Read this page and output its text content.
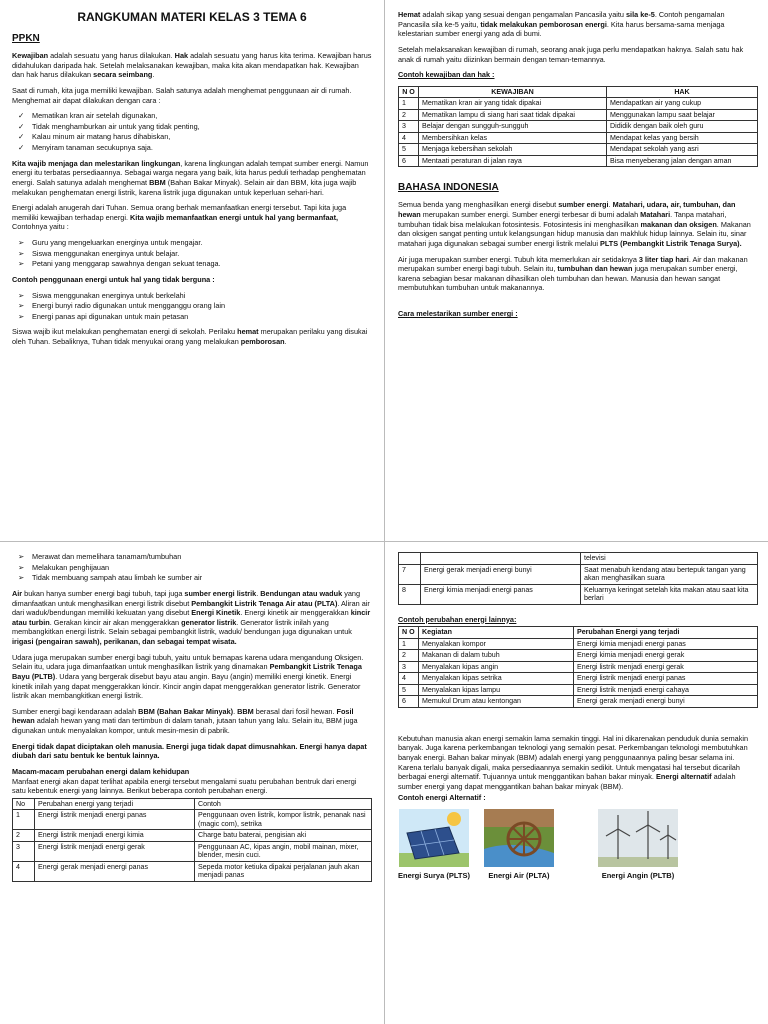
RANGKUMAN MATERI KELAS 3 TEMA 6
PPKN

Kewajiban adalah sesuatu yang harus dilakukan. Hak adalah sesuatu yang harus kita terima. Kewajiban harus didahulukan daripada hak. Setelah melaksanakan kewajiban, maka kita akan mendapatkan hak. Kewajiban dan hak harus dilakukan secara seimbang.

Saat di rumah, kita juga memiliki kewajiban. Salah satunya adalah menghemat penggunaan air di rumah. Menghemat air dapat dilakukan dengan cara :

✓ Mematikan kran air setelah digunakan,
✓ Tidak menghamburkan air untuk yang tidak penting,
✓ Kalau minum air matang harus dihabiskan,
✓ Menyiram tanaman secukupnya saja.

Kita wajib menjaga dan melestarikan lingkungan, karena lingkungan adalah tempat sumber energi. Namun energi itu terbatas persediaannya. Sebagai warga negara yang baik, kita harus peduli terhadap penghematan energi. Salah satunya adalah menghemat BBM (Bahan Bakar Minyak). Selain air dan BBM, kita juga wajib melakukan penghematan energi listrik, karena listrik juga digunakan untuk keperluan sehari-hari.

Energi adalah anugerah dari Tuhan. Semua orang berhak memanfaatkan energi tersebut. Tapi kita juga memiliki kewajiban terhadap energi. Kita wajib memanfaatkan energi untuk hal yang bermanfaat, Contohnya yaitu :

➢ Guru yang mengeluarkan energinya untuk mengajar.
➢ Siswa menggunakan energinya untuk belajar.
➢ Petani yang menggarap sawahnya dengan sekuat tenaga.

Contoh penggunaan energi untuk hal yang tidak berguna :

➢ Siswa menggunakan energinya untuk berkelahi
➢ Energi bunyi radio digunakan untuk mengganggu orang lain
➢ Energi panas api digunakan untuk main petasan

Siswa wajib ikut melakukan penghematan energi di sekolah. Perilaku hemat merupakan perilaku yang disukai oleh Tuhan. Sebaliknya, Tuhan tidak menyukai orang yang melakukan pemborosan.

Hemat adalah sikap yang sesuai dengan pengamalan Pancasila yaitu sila ke-5. Contoh pengamalan Pancasila sila ke-5 yaitu, tidak melakukan pemborosan energi. Kita harus bersama-sama menjaga kelestarian sumber energi yang ada di bumi.

Setelah melaksanakan kewajiban di rumah, seorang anak juga perlu mendapatkan haknya. Salah satu hak anak di rumah yaitu diizinkan bermain dengan teman-temannya.

Contoh kewajiban dan hak :

N O	KEWAJIBAN	HAK
1	Mematikan kran air yang tidak dipakai	Mendapatkan air yang cukup
2	Mematikan lampu di siang hari saat tidak dipakai	Menggunakan lampu saat belajar
3	Belajar dengan sungguh-sungguh	Dididik dengan baik oleh guru
4	Membersihkan kelas	Mendapat kelas yang bersih
5	Menjaga kebersihan sekolah	Mendapat sekolah yang asri
6	Mentaati peraturan di jalan raya	Bisa menyeberang jalan dengan aman
BAHASA INDONESIA

Semua benda yang menghasilkan energi disebut sumber energi. Matahari, udara, air, tumbuhan, dan hewan merupakan sumber energi. Sumber energi terbesar di bumi adalah Matahari. Tanpa matahari, tumbuhan tidak bisa melakukan fotosintesis. Fotosintesis ini menghasilkan makanan dan oksigen. Makanan dan oksigen sangat penting untuk kelangsungan hidup manusia dan makhluk hidup lainnya. Selain itu, sinar matahari juga digunakan sebagai sumber energi listrik melalui PLTS (Pembangkit Listrik Tenaga Surya).

Air juga merupakan sumber energi. Tubuh kita memerlukan air setidaknya 3 liter tiap hari. Air dan makanan merupakan sumber energi bagi tubuh. Selain itu, tumbuhan dan hewan juga merupakan sumber energi, karena sebagian besar makanan dihasilkan oleh tumbuhan dan hewan. Manusia dan hewan sangat membutuhkan tumbuhan untuk makanannya.

Cara melestarikan sumber energi :

➢ Merawat dan memelihara tanamam/tumbuhan
➢ Melakukan penghijauan
➢ Tidak membuang sampah atau limbah ke sumber air

Air bukan hanya sumber energi bagi tubuh, tapi juga sumber energi listrik. Bendungan atau waduk yang dimanfaatkan untuk menghasilkan energi listrik disebut Pembangkit Listrik Tenaga Air atau (PLTA). Aliran air dari waduk/bendungan memiliki kekuatan yang disebut Energi Kinetik. Energi kinetik air menggerakkan kincir atau turbin. Gerakan kincir air akan menggerakkan generator listrik. Generator listrik inilah yang membangkitkan energi listrik. Selain sebagai pembangkit listrik, waduk/ bendungan juga digunakan untuk irigasi (pengairan sawah), perikanan, dan sebagai tempat wisata.

Udara juga merupakan sumber energi bagi tubuh, yaitu untuk bernapas karena udara mengandung Oksigen. Selain itu, udara juga dimanfaatkan untuk menghasilkan listrik yang dinamakan Pembangkit Listrik Tenaga Bayu (PLTB). Udara yang bergerak disebut bayu atau angin. Bayu (angin) memiliki energi kinetik. Energi kinetik inilah yang dapat menggerakkan kincir. Kincir angin dapat menggerakkan generator listrik. Generator listrik akan membangkitkan energi listrik.

Sumber energi bagi kendaraan adalah BBM (Bahan Bakar Minyak). BBM berasal dari fosil hewan. Fosil hewan adalah hewan yang mati dan tertimbun di dalam tanah, jutaan tahun yang lalu. Selain itu, BBM juga digunakan untuk menyalakan kompor, untuk mesin-mesin di pabrik.

Energi tidak dapat diciptakan oleh manusia. Energi juga tidak dapat dimusnahkan. Energi hanya dapat diubah dari satu bentuk ke bentuk lainnya.

Macam-macam perubahan energi dalam kehidupan

Manfaat energi akan dapat terlihat apabila energi tersebut mengalami suatu perubahan bentruk dari energi satu kebentuk energi yang lainnya. Berikut beberapa contoh perubahan energi.

No	Perubahan energi yang terjadi	Contoh
1	Energi listrik menjadi energi panas	Penggunaan oven listrik, kompor listrik, penanak nasi (magic com), setrika
2	Energi listrik menjadi energi kimia	Charge batu baterai, pengisian aki
3	Energi listrik menjadi energi gerak	Penggunaan AC, kipas angin, mobil mainan, mixer, blender, mesin cuci.
4	Energi gerak menjadi energi panas	Sepeda motor ketiuka dipakai perjalanan jauh akan menjadi panas
		televisi
7	Energi gerak menjadi energi bunyi	Saat menabuh kendang atau bertepuk tangan yang akan menghasilkan suara
8	Energi kimia menjadi energi panas	Keluarnya keringat setelah kita makan atau saat kita berlari

Contoh perubahan energi lainnya:

N O	Kegiatan	Perubahan Energi yang terjadi
1	Menyalakan kompor	Energi kimia menjadi energi panas
2	Makanan di dalam tubuh	Energi kimia menjadi energi gerak
3	Menyalakan kipas angin	Energi listrik menjadi energi gerak
4	Menyalakan kipas setrika	Energi listrik menjadi energi panas
5	Menyalakan kipas lampu	Energi listrik menjadi energi cahaya
6	Memukul Drum atau kentongan	Energi gerak menjadi energi bunyi

Kebutuhan manusia akan energi semakin lama semakin tinggi. Hal ini dikarenakan penduduk dunia semakin banyak. Juga karena perkembangan teknologi yang semakin pesat. Perkembangan teknologi membutuhkan banyak energi. Bahan bakar minyak (BBM) adalah energi yang penggunaannya paling besar selama ini. Karena terlalu banyak digali, maka persediaannya semakin sedikit. Untuk mengatasi hal tersebut dicarilah berbagai energi alternatif. Tujuannya untuk menggantikan bahan bakar minyak. Energi alternatif adalah sumber energi yang dapat menggantikan bahan bakar minyak (BBM).

Contoh energi Alternatif :

Energi Surya (PLTS) Energi Air (PLTA)	Energi Angin (PLTB)
